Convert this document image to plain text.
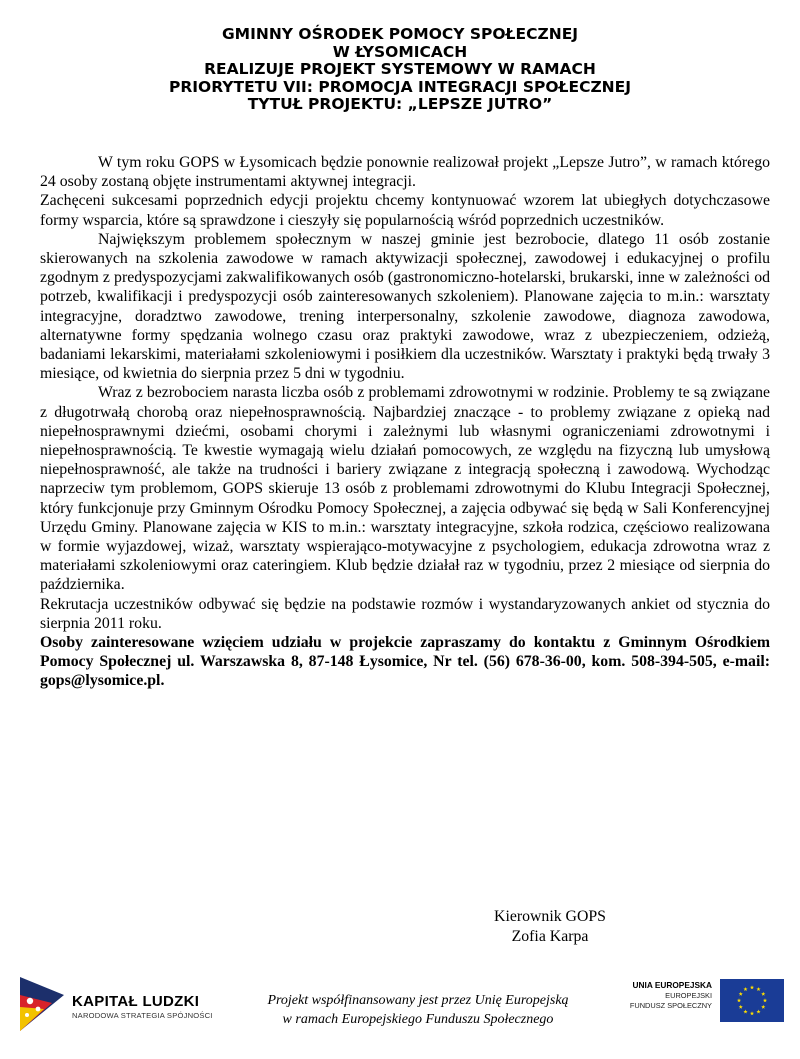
GMINNY OŚRODEK POMOCY SPOŁECZNEJ
W ŁYSOMICACH
REALIZUJE PROJEKT SYSTEMOWY W RAMACH
PRIORYTETU VII: PROMOCJA INTEGRACJI SPOŁECZNEJ
TYTUŁ PROJEKTU: „LEPSZE JUTRO”

W tym roku GOPS w Łysomicach będzie ponownie realizował projekt „Lepsze Jutro”, w ramach którego 24 osoby zostaną objęte instrumentami aktywnej integracji.

Zachęceni sukcesami poprzednich edycji projektu chcemy kontynuować wzorem lat ubiegłych dotychczasowe formy wsparcia, które są sprawdzone i cieszyły się popularnością wśród poprzednich uczestników.

Największym problemem społecznym w naszej gminie jest bezrobocie, dlatego 11 osób zostanie skierowanych na szkolenia zawodowe w ramach aktywizacji społecznej, zawodowej i edukacyjnej o profilu zgodnym z predyspozycjami zakwalifikowanych osób (gastronomiczno-hotelarski, brukarski, inne w zależności od potrzeb, kwalifikacji i predyspozycji osób zainteresowanych szkoleniem). Planowane zajęcia to m.in.: warsztaty integracyjne, doradztwo zawodowe, trening interpersonalny, szkolenie zawodowe, diagnoza zawodowa, alternatywne formy spędzania wolnego czasu oraz praktyki zawodowe, wraz z ubezpieczeniem, odzieżą, badaniami lekarskimi, materiałami szkoleniowymi i posiłkiem dla uczestników. Warsztaty i praktyki będą trwały 3 miesiące, od kwietnia do sierpnia przez 5 dni w tygodniu.

Wraz z bezrobociem narasta liczba osób z problemami zdrowotnymi w rodzinie. Problemy te są związane z długotrwałą chorobą oraz niepełnosprawnością. Najbardziej znaczące - to problemy związane z opieką nad niepełnosprawnymi dziećmi, osobami chorymi i zależnymi lub własnymi ograniczeniami zdrowotnymi i niepełnosprawnością. Te kwestie wymagają wielu działań pomocowych, ze względu na fizyczną lub umysłową niepełnosprawność, ale także na trudności i bariery związane z integracją społeczną i zawodową. Wychodząc naprzeciw tym problemom, GOPS skieruje 13 osób z problemami zdrowotnymi do Klubu Integracji Społecznej, który funkcjonuje przy Gminnym Ośrodku Pomocy Społecznej, a zajęcia odbywać się będą w Sali Konferencyjnej Urzędu Gminy. Planowane zajęcia w KIS to m.in.: warsztaty integracyjne, szkoła rodzica, częściowo realizowana w formie wyjazdowej, wizaż, warsztaty wspierająco-motywacyjne z psychologiem, edukacja zdrowotna wraz z materiałami szkoleniowymi oraz cateringiem. Klub będzie działał raz w tygodniu, przez 2 miesiące od sierpnia do października.

Rekrutacja uczestników odbywać się będzie na podstawie rozmów i wystandaryzowanych ankiet od stycznia do sierpnia 2011 roku.

Osoby zainteresowane wzięciem udziału w projekcie zapraszamy do kontaktu z Gminnym Ośrodkiem Pomocy Społecznej ul. Warszawska 8, 87-148 Łysomice, Nr tel. (56) 678-36-00, kom. 508-394-505, e-mail: gops@lysomice.pl.

Kierownik GOPS
Zofia Karpa
KAPITAŁ LUDZKI
NARODOWA STRATEGIA SPÓJNOŚCI
Projekt współfinansowany jest przez Unię Europejską
w ramach Europejskiego Funduszu Społecznego
UNIA EUROPEJSKA
EUROPEJSKI
FUNDUSZ SPOŁECZNY
